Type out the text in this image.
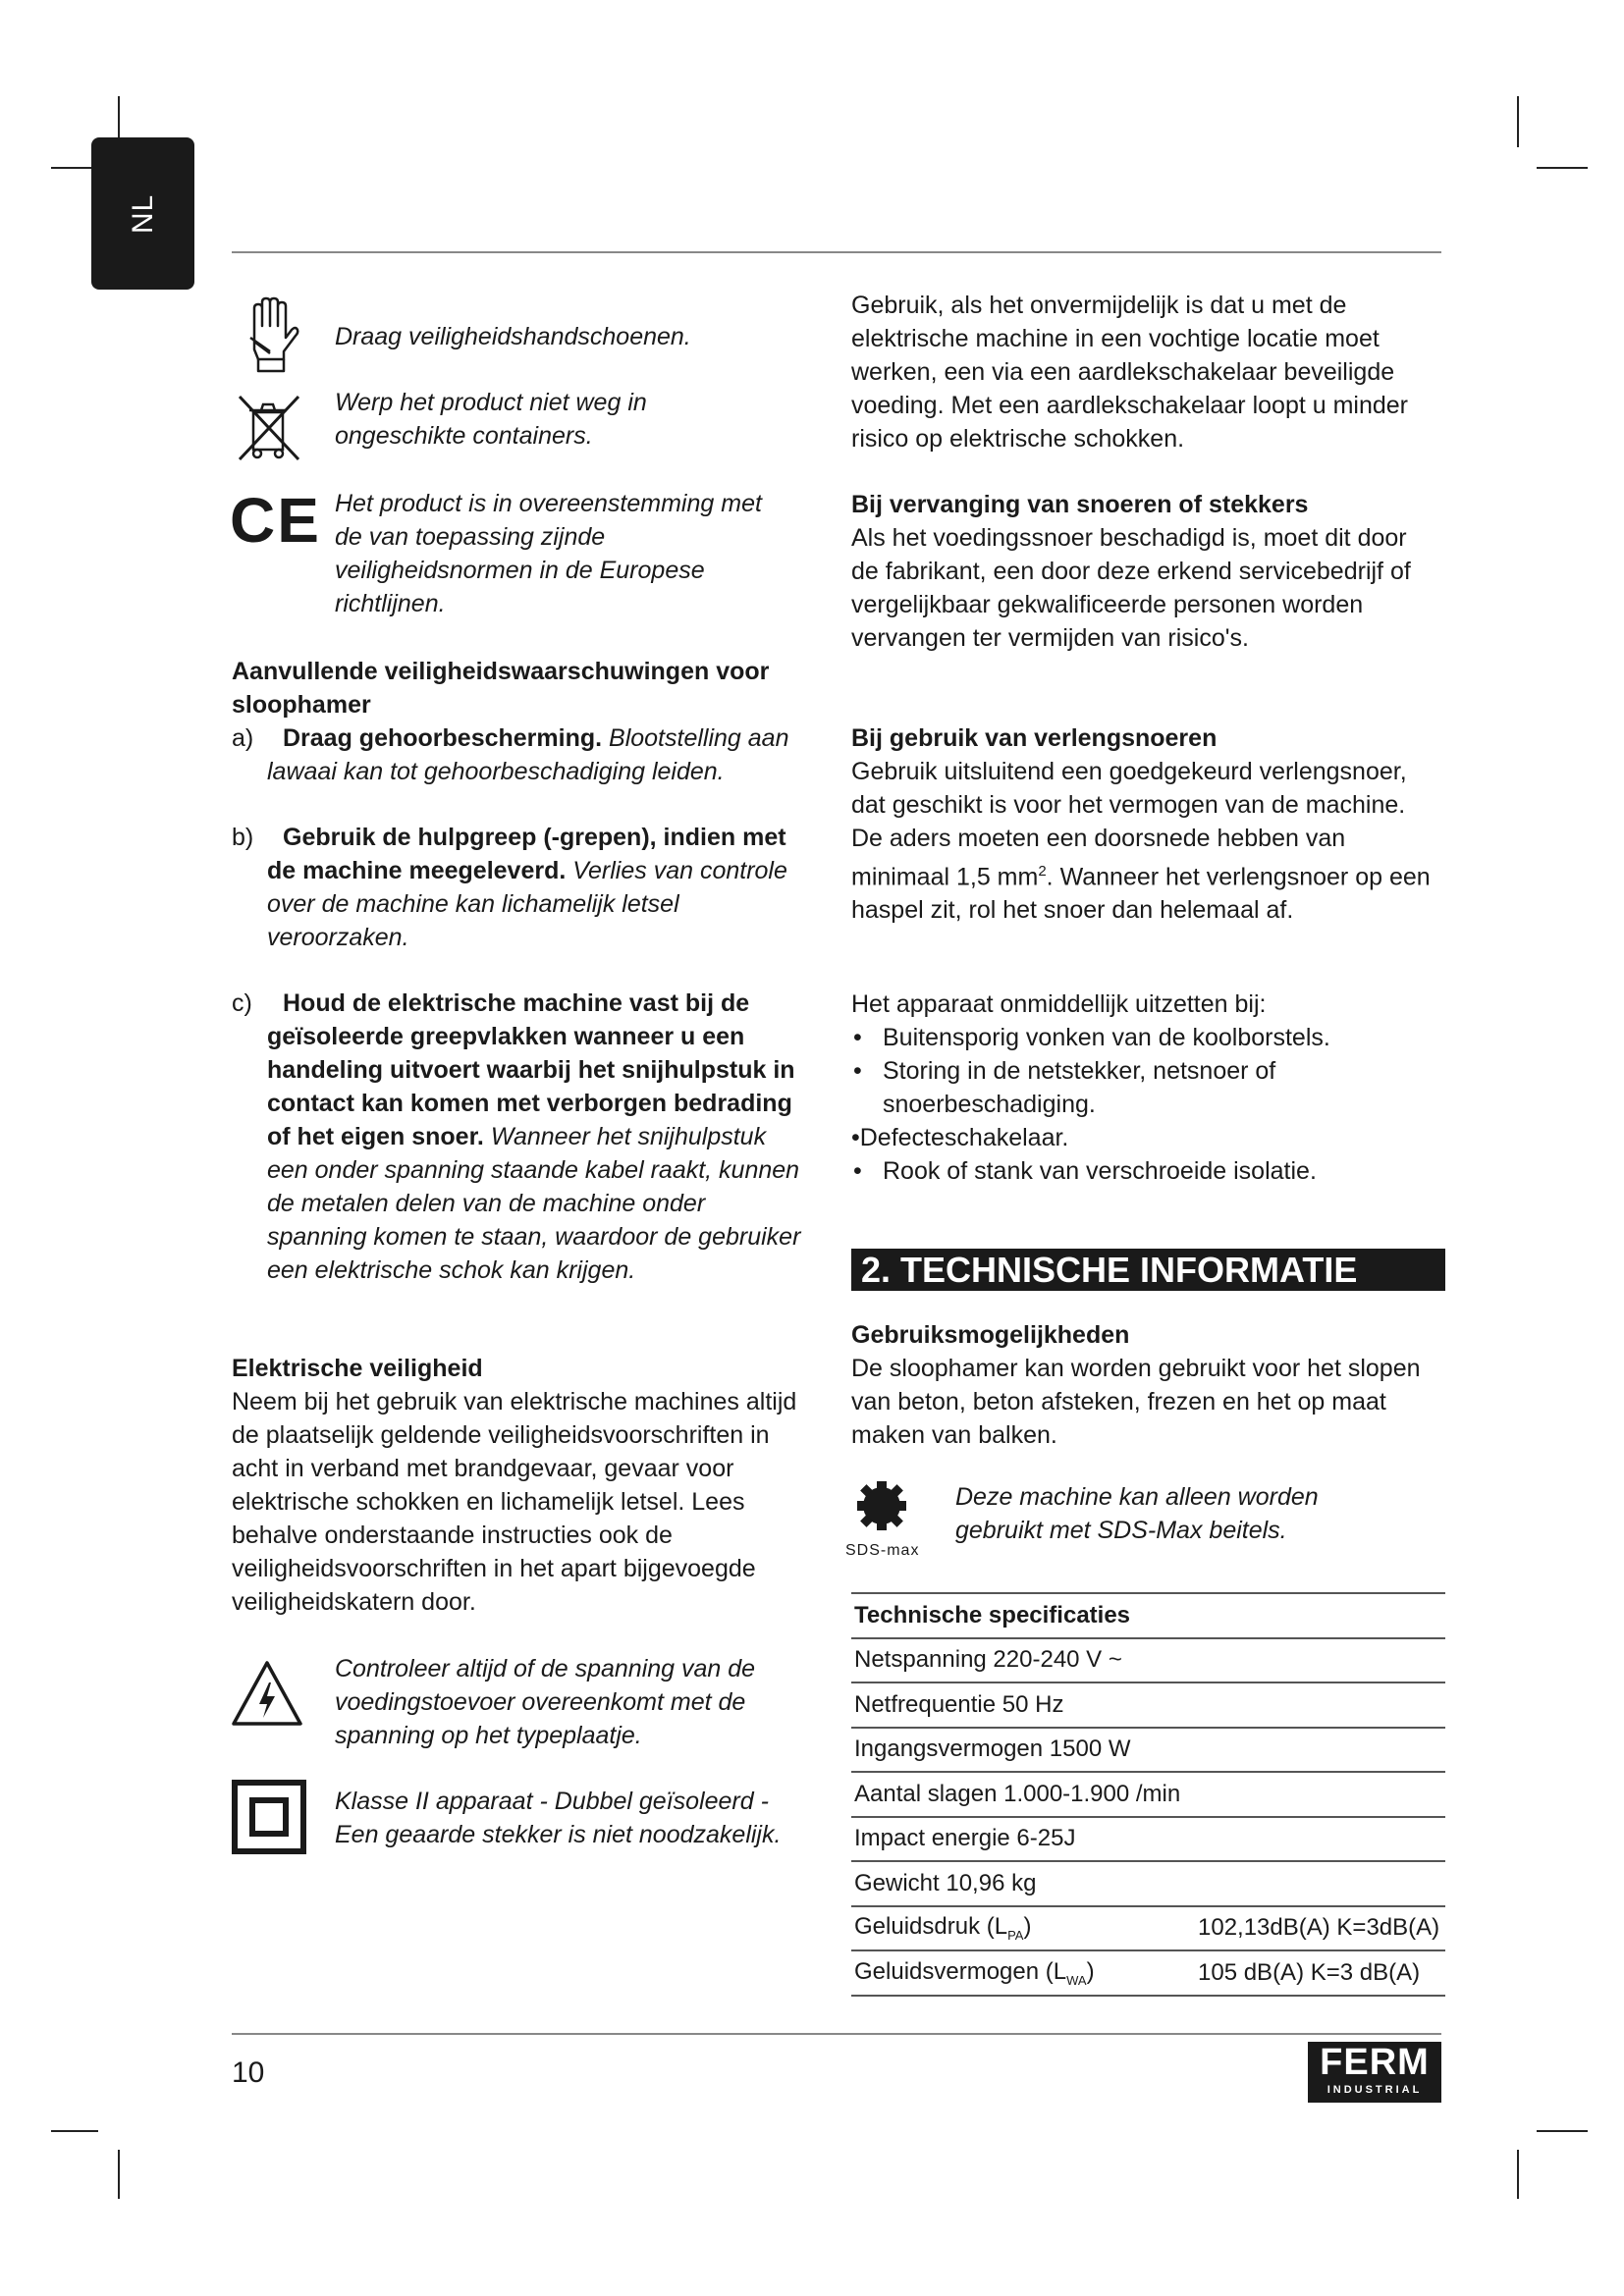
NL
Draag veiligheidshandschoenen.
Werp het product niet weg in
ongeschikte containers.
CE Het product is in overeenstemming met
de van toepassing zijnde
veiligheidsnormen in de Europese
richtlijnen.
Aanvullende veiligheidswaarschuwingen voor
sloophamer
a) Draag gehoorbescherming. Blootstelling aan lawaai kan tot gehoorbeschadiging leiden.
b) Gebruik de hulpgreep (-grepen), indien met de machine meegeleverd. Verlies van controle over de machine kan lichamelijk letsel veroorzaken.
c) Houd de elektrische machine vast bij de geïsoleerde greepvlakken wanneer u een handeling uitvoert waarbij het snijhulpstuk in contact kan komen met verborgen bedrading of het eigen snoer. Wanneer het snijhulpstuk een onder spanning staande kabel raakt, kunnen de metalen delen van de machine onder spanning komen te staan, waardoor de gebruiker een elektrische schok kan krijgen.
Elektrische veiligheid
Neem bij het gebruik van elektrische machines altijd de plaatselijk geldende veiligheidsvoorschriften in acht in verband met brandgevaar, gevaar voor elektrische schokken en lichamelijk letsel. Lees behalve onderstaande instructies ook de veiligheidsvoorschriften in het apart bijgevoegde veiligheidskatern door.
Controleer altijd of de spanning van de
voedingstoevoer overeenkomt met de
spanning op het typeplaatje.
Klasse II apparaat - Dubbel geïsoleerd -
Een geaarde stekker is niet noodzakelijk.
Gebruik, als het onvermijdelijk is dat u met de elektrische machine in een vochtige locatie moet werken, een via een aardlekschakelaar beveiligde voeding. Met een aardlekschakelaar loopt u minder risico op elektrische schokken.
Bij vervanging van snoeren of stekkers
Als het voedingssnoer beschadigd is, moet dit door de fabrikant, een door deze erkend servicebedrijf of vergelijkbaar gekwalificeerde personen worden vervangen ter vermijden van risico's.
Bij gebruik van verlengsnoeren
Gebruik uitsluitend een goedgekeurd verlengsnoer, dat geschikt is voor het vermogen van de machine. De aders moeten een doorsnede hebben van minimaal 1,5 $mm^2$. Wanneer het verlengsnoer op een haspel zit, rol het snoer dan helemaal af.

Het apparaat onmiddellijk uitzetten bij:

• Buitensporig vonken van de koolborstels.
• Storing in de netstekker, netsnoer of snoerbeschadiging.

•Defecteschakelaar.

• Rook of stank van verschroeide isolatie.
2. TECHNISCHE INFORMATIE
Gebruiksmogelijkheden
De sloophamer kan worden gebruikt voor het slopen van beton, beton afsteken, frezen en het op maat maken van balken.
SDS-max
Deze machine kan alleen worden
gebruikt met SDS-Max beitels.
Technische specificaties	
Netspanning 220-240 V ~	
Netfrequentie 50 Hz	
Ingangsvermogen 1500 W	
Aantal slagen 1.000-1.900 /min	
Impact energie 6-25J	
Gewicht 10,96 kg	
Geluidsdruk $(L_{PA})$	102,13dB(A) K=3dB(A)
Geluidsvermogen $(L_{WA})$	105 dB(A) K=3 dB(A)
10	FERM
INDUSTRIAL
